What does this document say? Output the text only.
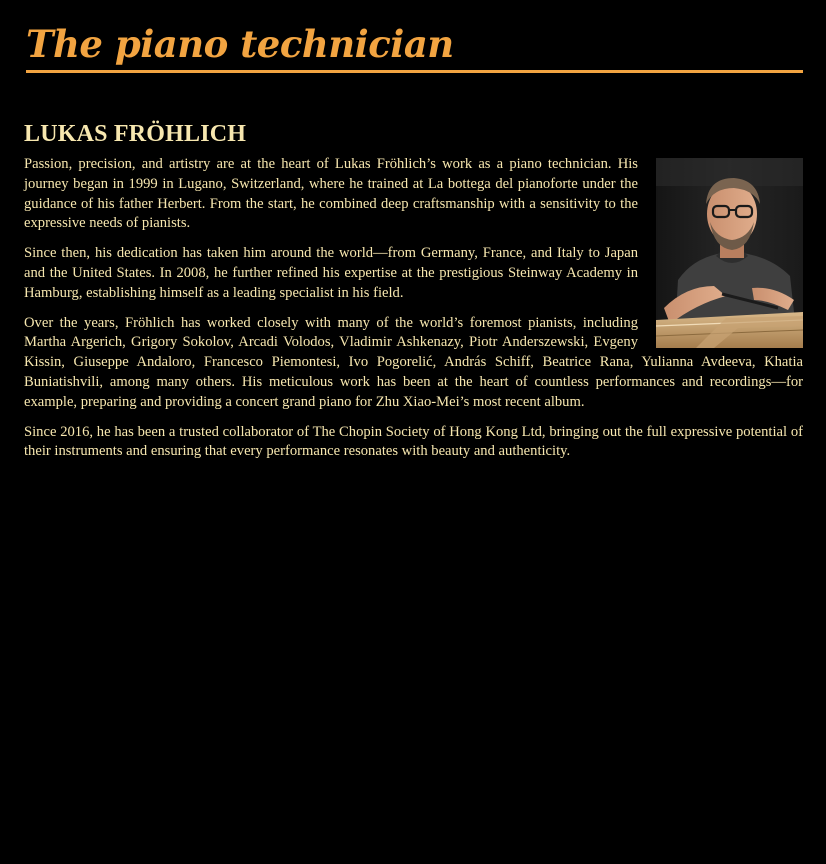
The piano technician
LUKAS FRÖHLICH

Passion, precision, and artistry are at the heart of Lukas Fröhlich’s work as a piano technician. His journey began in 1999 in Lugano, Switzerland, where he trained at La bottega del pianoforte under the guidance of his father Herbert. From the start, he combined deep craftsmanship with a sensitivity to the expressive needs of pianists.

Since then, his dedication has taken him around the world—from Germany, France, and Italy to Japan and the United States. In 2008, he further refined his expertise at the prestigious Steinway Academy in Hamburg, establishing himself as a leading specialist in his field.

Over the years, Fröhlich has worked closely with many of the world’s foremost pianists, including Martha Argerich, Grigory Sokolov, Arcadi Volodos, Vladimir Ashkenazy, Piotr Anderszewski, Evgeny Kissin, Giuseppe Andaloro, Francesco Piemontesi, Ivo Pogorelić, András Schiff, Beatrice Rana, Yulianna Avdeeva, Khatia Buniatishvili, among many others. His meticulous work has been at the heart of countless performances and recordings—for example, preparing and providing a concert grand piano for Zhu Xiao-Mei’s most recent album.

Since 2016, he has been a trusted collaborator of The Chopin Society of Hong Kong Ltd, bringing out the full expressive potential of their instruments and ensuring that every performance resonates with beauty and authenticity.
